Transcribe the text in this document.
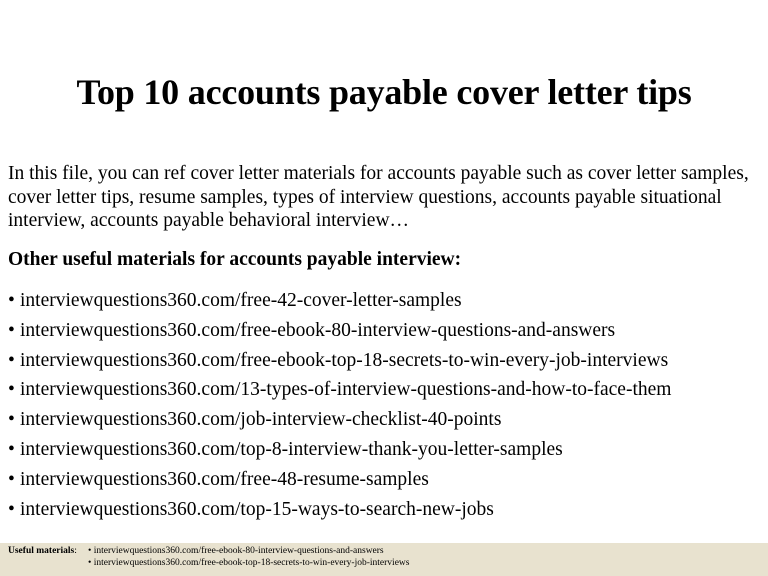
Top 10 accounts payable cover letter tips
In this file, you can ref cover letter materials for accounts payable such as cover letter samples, cover letter tips, resume samples, types of interview questions, accounts payable situational interview, accounts payable behavioral interview…
Other useful materials for accounts payable interview:
• interviewquestions360.com/free-42-cover-letter-samples
• interviewquestions360.com/free-ebook-80-interview-questions-and-answers
• interviewquestions360.com/free-ebook-top-18-secrets-to-win-every-job-interviews
• interviewquestions360.com/13-types-of-interview-questions-and-how-to-face-them
• interviewquestions360.com/job-interview-checklist-40-points
• interviewquestions360.com/top-8-interview-thank-you-letter-samples
• interviewquestions360.com/free-48-resume-samples
• interviewquestions360.com/top-15-ways-to-search-new-jobs
Useful materials: • interviewquestions360.com/free-ebook-80-interview-questions-and-answers
• interviewquestions360.com/free-ebook-top-18-secrets-to-win-every-job-interviews
